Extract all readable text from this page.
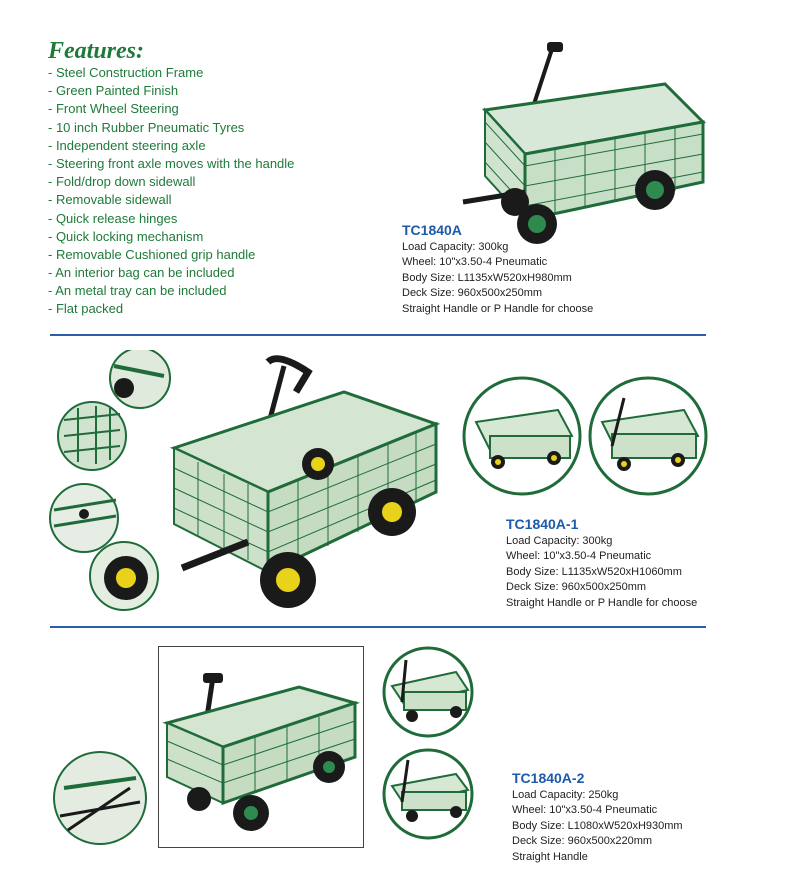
Features:
- Steel Construction Frame
- Green Painted Finish
- Front Wheel Steering
- 10 inch Rubber Pneumatic Tyres
- Independent steering axle
- Steering front axle moves with the handle
- Fold/drop down sidewall
- Removable sidewall
- Quick release hinges
- Quick locking mechanism
- Removable Cushioned grip handle
- An interior bag can be included
- An metal tray can be included
- Flat packed
TC1840A
Load Capacity: 300kg
Wheel: 10"x3.50-4 Pneumatic
Body Size: L1135xW520xH980mm
Deck Size: 960x500x250mm
Straight Handle or P Handle for choose
TC1840A-1
Load Capacity: 300kg
Wheel: 10"x3.50-4 Pneumatic
Body Size: L1135xW520xH1060mm
Deck Size: 960x500x250mm
Straight Handle or P Handle for choose
TC1840A-2
Load Capacity: 250kg
Wheel: 10"x3.50-4 Pneumatic
Body Size: L1080xW520xH930mm
Deck Size: 960x500x220mm
Straight Handle
